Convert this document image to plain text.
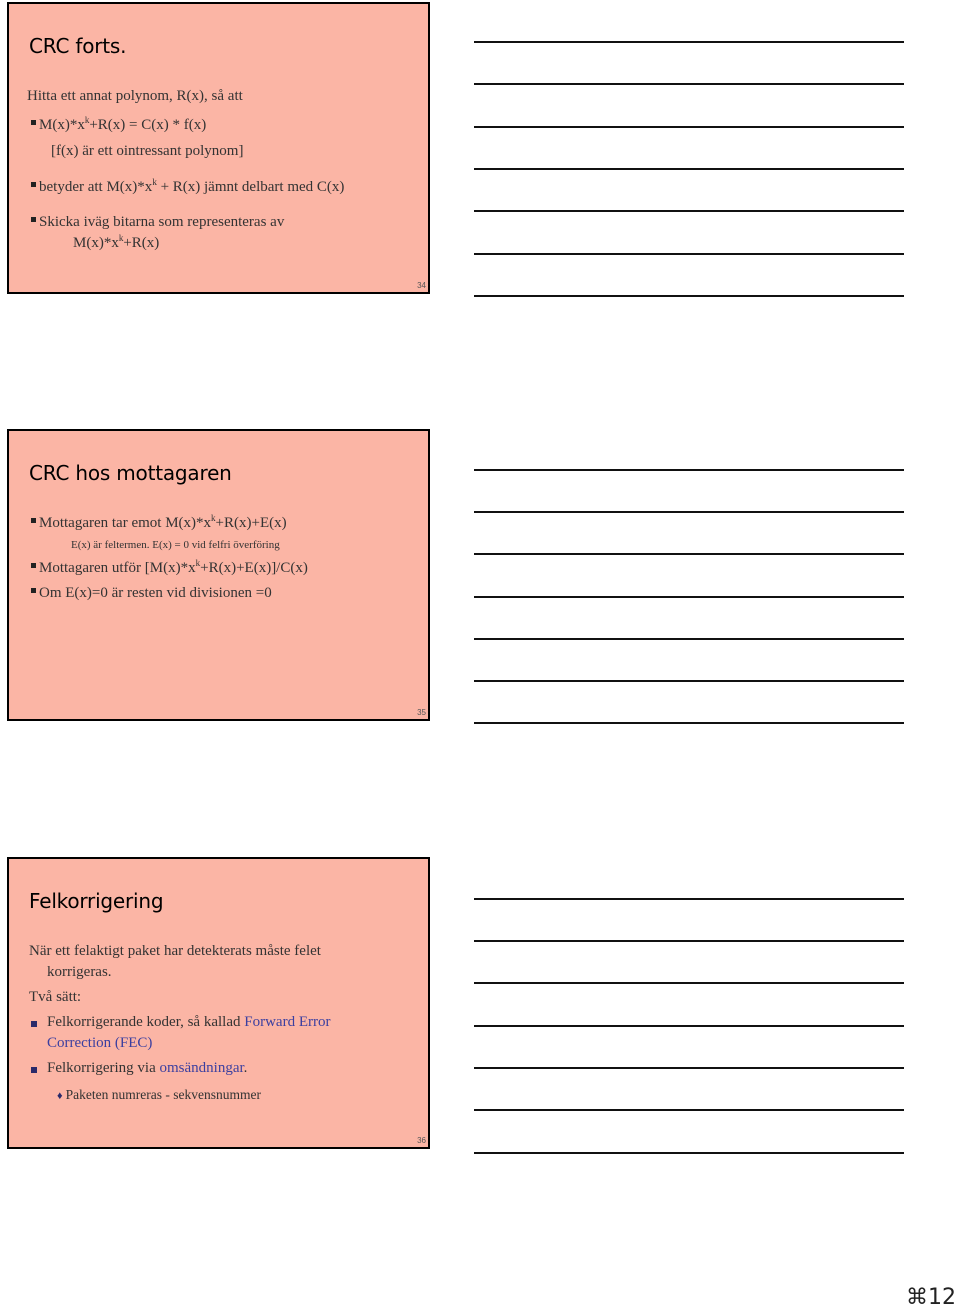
CRC forts.
Hitta ett annat polynom, R(x), så att
$M(x)*x^k+R(x) = C(x) * f(x)$
[f(x) är ett ointressant polynom]
betyder att $M(x)*x^k + R(x)$ jämnt delbart med C(x)
Skicka iväg bitarna som representeras av
$M(x)*x^k+R(x)$
34
CRC hos mottagaren
Mottagaren tar emot $M(x)*x^k+R(x)+E(x)$
E(x) är feltermen. E(x) = 0 vid felfri överföring
Mottagaren utför $[M(x)*x^k+R(x)+E(x)]/C(x)$
Om E(x)=0 är resten vid divisionen =0
35
Felkorrigering
När ett felaktigt paket har detekterats måste felet
korrigeras.
Två sätt:
Felkorrigerande koder, så kallad Forward Error
Correction (FEC)
Felkorrigering via omsändningar.
♦ Paketen numreras - sekvensnummer
36
⌘12
